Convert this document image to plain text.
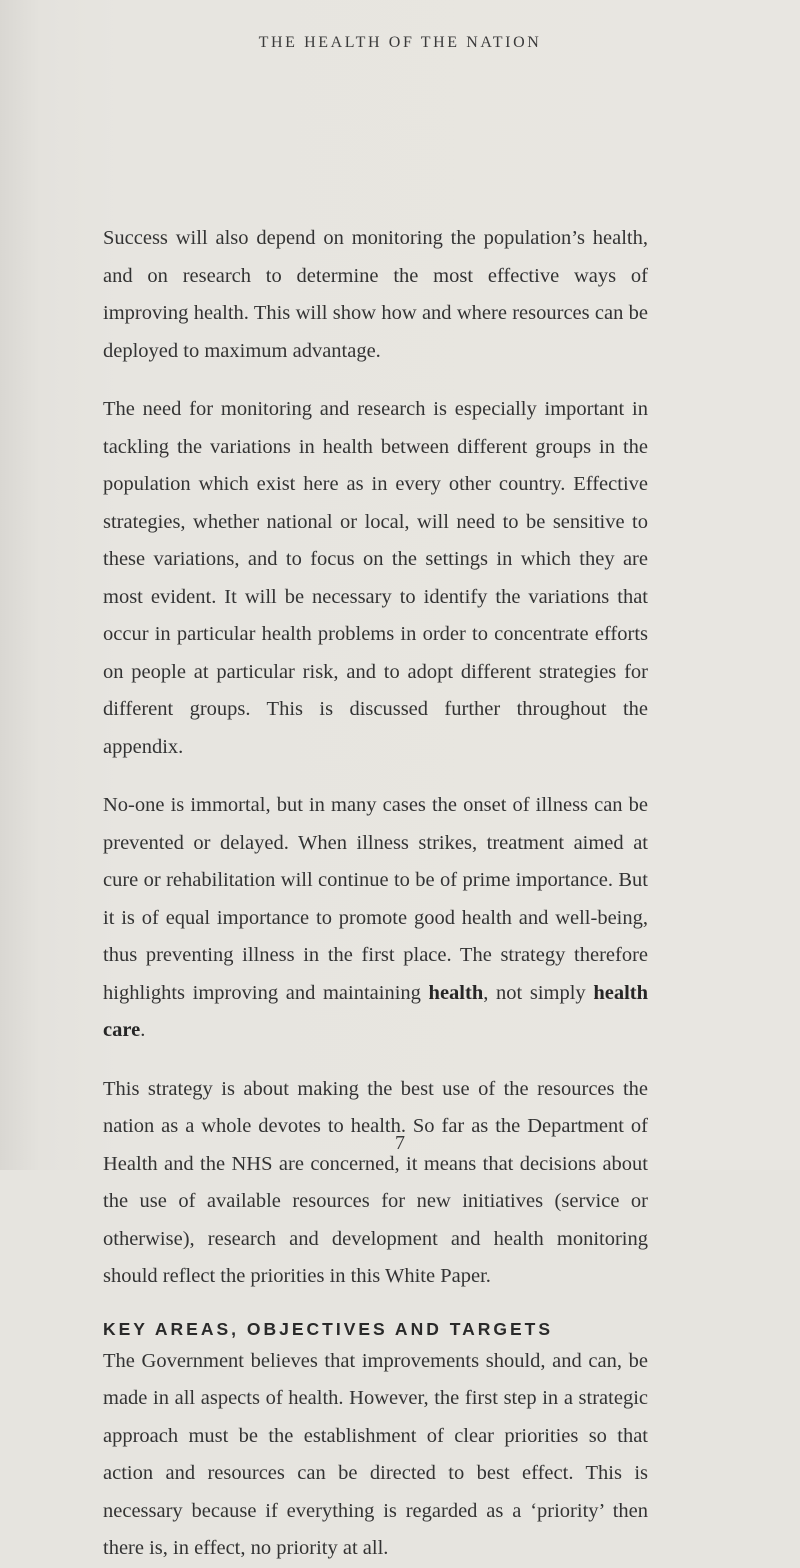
THE HEALTH OF THE NATION

Success will also depend on monitoring the population’s health, and on research to determine the most effective ways of improving health. This will show how and where resources can be deployed to maximum advantage.

The need for monitoring and research is especially important in tackling the variations in health between different groups in the population which exist here as in every other country. Effective strategies, whether national or local, will need to be sensitive to these variations, and to focus on the settings in which they are most evident. It will be necessary to identify the variations that occur in particular health problems in order to concentrate efforts on people at particular risk, and to adopt different strategies for different groups. This is discussed further throughout the appendix.

No-one is immortal, but in many cases the onset of illness can be prevented or delayed. When illness strikes, treatment aimed at cure or rehabilitation will continue to be of prime importance. But it is of equal importance to promote good health and well-being, thus preventing illness in the first place. The strategy therefore highlights improving and maintaining health, not simply health care.

This strategy is about making the best use of the resources the nation as a whole devotes to health. So far as the Department of Health and the NHS are concerned, it means that decisions about the use of available resources for new initiatives (service or otherwise), research and development and health monitoring should reflect the priorities in this White Paper.

KEY AREAS, OBJECTIVES AND TARGETS

The Government believes that improvements should, and can, be made in all aspects of health. However, the first step in a strategic approach must be the establishment of clear priorities so that action and resources can be directed to best effect. This is necessary because if everything is regarded as a ‘priority’ then there is, in effect, no priority at all.

7
